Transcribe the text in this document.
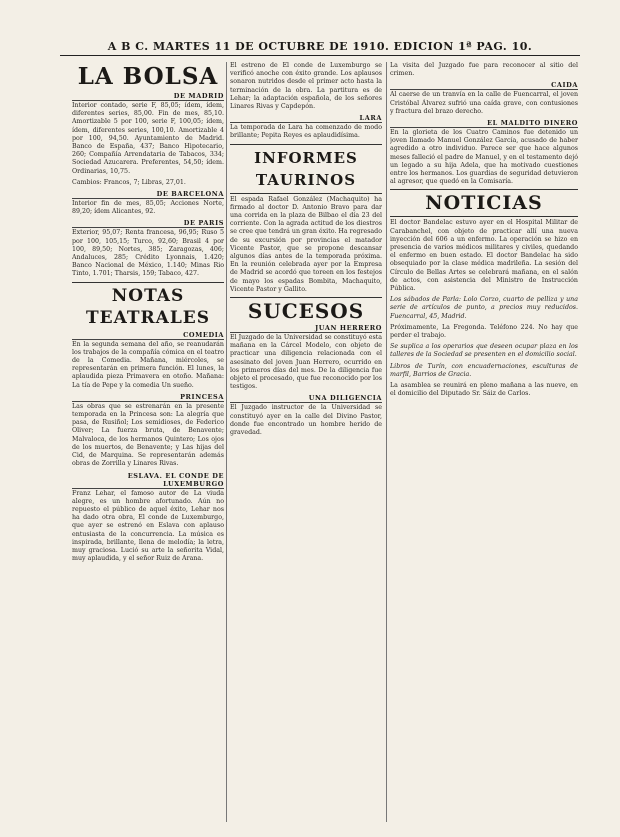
A B C. MARTES 11 DE OCTUBRE DE 1910. EDICION 1ª PAG. 10.
LA BOLSA
DE MADRID

Interior contado, serie F, 85,05; ídem, ídem, diferentes series, 85,00. Fin de mes, 85,10. Amortizable 5 por 100, serie F, 100,05; ídem, ídem, diferentes series, 100,10. Amortizable 4 por 100, 94,50. Ayuntamiento de Madrid. Banco de España, 437; Banco Hipotecario, 260; Compañía Arrendataria de Tabacos, 334; Sociedad Azucarera. Preferentes, 54,50; ídem. Ordinarias, 10,75.

Cambios: Francos, 7; Libras, 27,01.

DE BARCELONA

Interior fin de mes, 85,05; Acciones Norte, 89,20; ídem Alicantes, 92.

DE PARIS

Exterior, 95,07; Renta francesa, 96,95; Ruso 5 por 100, 105,15; Turco, 92,60; Brasil 4 por 100, 89,50; Nortes, 385; Zaragozas, 406; Andaluces, 285; Crédito Lyonnais, 1.420; Banco Nacional de México, 1.140; Minas Rio Tinto, 1.701; Tharsis, 159; Tabaco, 427.

NOTAS TEATRALES
COMEDIA

En la segunda semana del año, se reanudarán los trabajos de la compañía cómica en el teatro de la Comedia. Mañana, miércoles, se representarán en primera función. El lunes, la aplaudida pieza Primavera en otoño. Mañana: La tía de Pepe y la comedia Un sueño.

PRINCESA

Las obras que se estrenarán en la presente temporada en la Princesa son: La alegría que pasa, de Rusiñol; Los semidioses, de Federico Oliver; La fuerza bruta, de Benavente; Malvaloca, de los hermanos Quintero; Los ojos de los muertos, de Benavente; y Las hijas del Cid, de Marquina. Se representarán además obras de Zorrilla y Linares Rivas.

ESLAVA. EL CONDE DE LUXEMBURGO

Franz Lehar, el famoso autor de La viuda alegre, es un hombre afortunado. Aún no repuesto el público de aquel éxito, Lehar nos ha dado otra obra, El conde de Luxemburgo, que ayer se estrenó en Eslava con aplauso entusiasta de la concurrencia. La música es inspirada, brillante, llena de melodía; la letra, muy graciosa. Lució su arte la señorita Vidal, muy aplaudida, y el señor Ruiz de Arana.

El estreno de El conde de Luxemburgo se verificó anoche con éxito grande. Los aplausos sonaron nutridos desde el primer acto hasta la terminación de la obra. La partitura es de Lehar; la adaptación española, de los señores Linares Rivas y Capdepón.

LARA

La temporada de Lara ha comenzado de modo brillante; Pepita Reyes es aplaudidísima.

INFORMES TAURINOS

El espada Rafael González (Machaquito) ha firmado al doctor D. Antonio Bravo para dar una corrida en la plaza de Bilbao el día 23 del corriente. Con la agrada actitud de los diestros se cree que tendrá un gran éxito. Ha regresado de su excursión por provincias el matador Vicente Pastor, que se propone descansar algunos días antes de la temporada próxima. En la reunión celebrada ayer por la Empresa de Madrid se acordó que toreen en los festejos de mayo los espadas Bombita, Machaquito, Vicente Pastor y Gallito.

SUCESOS
JUAN HERRERO

El Juzgado de la Universidad se constituyó esta mañana en la Cárcel Modelo, con objeto de practicar una diligencia relacionada con el asesinato del joven Juan Herrero, ocurrido en los primeros días del mes. De la diligencia fue objeto el procesado, que fue reconocido por los testigos.

UNA DILIGENCIA

El Juzgado instructor de la Universidad se constituyó ayer en la calle del Divino Pastor, donde fue encontrado un hombre herido de gravedad.

La visita del Juzgado fue para reconocer al sitio del crimen.

CAIDA

Al caerse de un tranvía en la calle de Fuencarral, el joven Cristóbal Álvarez sufrió una caída grave, con contusiones y fractura del brazo derecho.

EL MALDITO DINERO

En la glorieta de los Cuatro Caminos fue detenido un joven llamado Manuel González García, acusado de haber agredido a otro individuo. Parece ser que hace algunos meses falleció el padre de Manuel, y en el testamento dejó un legado a su hija Adela, que ha motivado cuestiones entre los hermanos. Los guardias de seguridad detuvieron al agresor, que quedó en la Comisaría.

NOTICIAS

El doctor Bandelac estuvo ayer en el Hospital Militar de Carabanchel, con objeto de practicar allí una nueva inyección del 606 a un enfermo. La operación se hizo en presencia de varios médicos militares y civiles, quedando el enfermo en buen estado. El doctor Bandelac ha sido obsequiado por la clase médica madrileña. La sesión del Círculo de Bellas Artes se celebrará mañana, en el salón de actos, con asistencia del Ministro de Instrucción Pública.

Los sábados de Parla: Lolo Corzo, cuarto de pelliza y una serie de artículos de punto, a precios muy reducidos. Fuencarral, 45, Madrid.

Próximamente, La Fregonda. Teléfono 224. No hay que perder el trabajo.

Se suplica a los operarios que deseen ocupar plaza en los talleres de la Sociedad se presenten en el domicilio social.

Libros de Turín, con encuadernaciones, esculturas de marfil, Barrios de Gracia.

La asamblea se reunirá en pleno mañana a las nueve, en el domicilio del Diputado Sr. Sáiz de Carlos.
